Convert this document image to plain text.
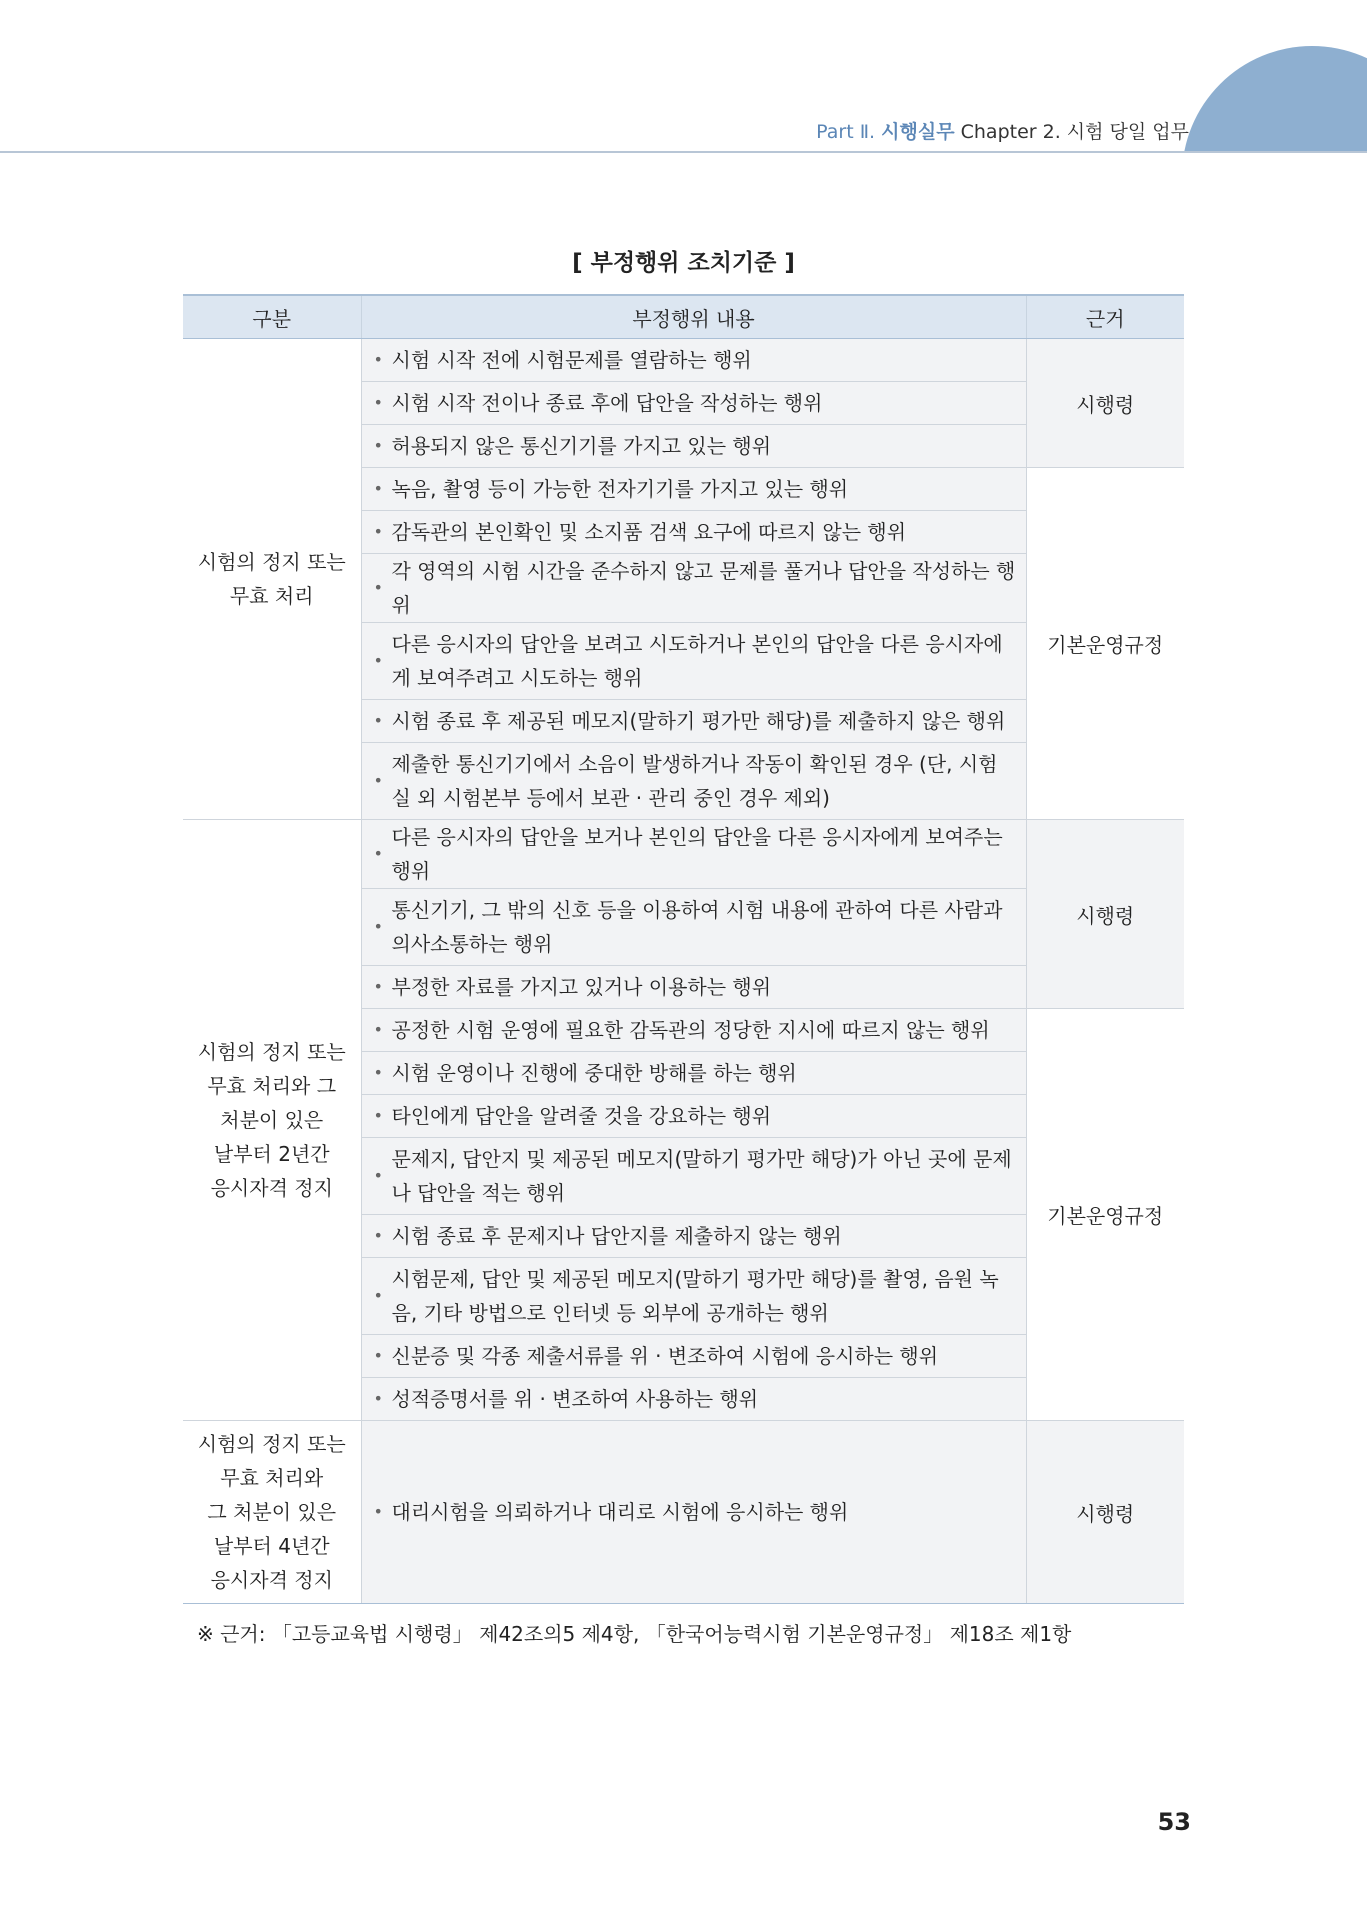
Part Ⅱ. 시행실무 Chapter 2. 시험 당일 업무
[ 부정행위 조치기준 ]
구분	부정행위 내용	근거

시험의 정지 또는
무효 처리	• 시험 시작 전에 시험문제를 열람하는 행위	시행령
	• 시험 시작 전이나 종료 후에 답안을 작성하는 행위
	• 허용되지 않은 통신기기를 가지고 있는 행위
	• 녹음, 촬영 등이 가능한 전자기기를 가지고 있는 행위	기본운영규정
	• 감독관의 본인확인 및 소지품 검색 요구에 따르지 않는 행위
	• 각 영역의 시험 시간을 준수하지 않고 문제를 풀거나 답안을 작성하는 행위
	• 다른 응시자의 답안을 보려고 시도하거나 본인의 답안을 다른 응시자에게 보여주려고 시도하는 행위
	• 시험 종료 후 제공된 메모지(말하기 평가만 해당)를 제출하지 않은 행위
	• 제출한 통신기기에서 소음이 발생하거나 작동이 확인된 경우 (단, 시험실 외 시험본부 등에서 보관 · 관리 중인 경우 제외)

시험의 정지 또는
무효 처리와 그
처분이 있은
날부터 2년간
응시자격 정지	• 다른 응시자의 답안을 보거나 본인의 답안을 다른 응시자에게 보여주는 행위	시행령
	• 통신기기, 그 밖의 신호 등을 이용하여 시험 내용에 관하여 다른 사람과 의사소통하는 행위
	• 부정한 자료를 가지고 있거나 이용하는 행위
	• 공정한 시험 운영에 필요한 감독관의 정당한 지시에 따르지 않는 행위	기본운영규정
	• 시험 운영이나 진행에 중대한 방해를 하는 행위
	• 타인에게 답안을 알려줄 것을 강요하는 행위
	• 문제지, 답안지 및 제공된 메모지(말하기 평가만 해당)가 아닌 곳에 문제나 답안을 적는 행위
	• 시험 종료 후 문제지나 답안지를 제출하지 않는 행위
	• 시험문제, 답안 및 제공된 메모지(말하기 평가만 해당)를 촬영, 음원 녹음, 기타 방법으로 인터넷 등 외부에 공개하는 행위
	• 신분증 및 각종 제출서류를 위 · 변조하여 시험에 응시하는 행위
	• 성적증명서를 위 · 변조하여 사용하는 행위

시험의 정지 또는
무효 처리와
그 처분이 있은
날부터 4년간
응시자격 정지	• 대리시험을 의뢰하거나 대리로 시험에 응시하는 행위	시행령
※ 근거: 「고등교육법 시행령」 제42조의5 제4항, 「한국어능력시험 기본운영규정」 제18조 제1항
53
